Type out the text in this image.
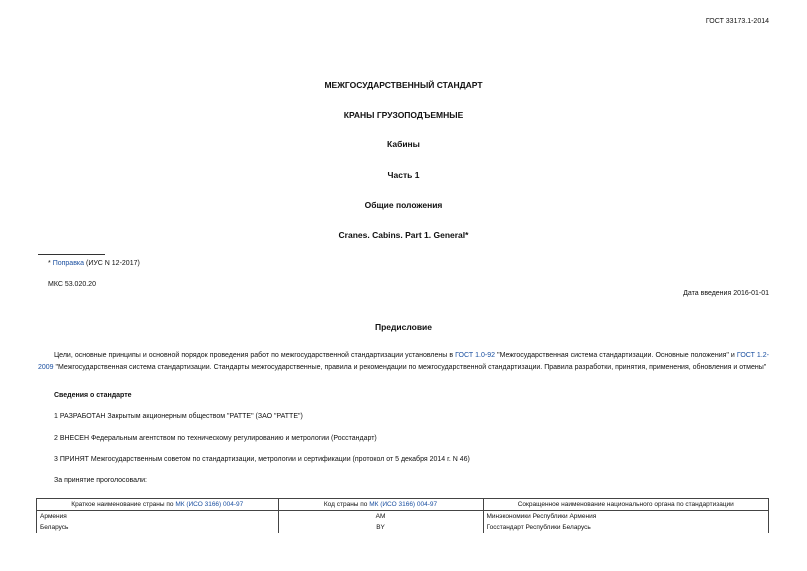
ГОСТ 33173.1-2014
МЕЖГОСУДАРСТВЕННЫЙ СТАНДАРТ
КРАНЫ ГРУЗОПОДЪЕМНЫЕ
Кабины
Часть 1
Общие положения
Cranes. Cabins. Part 1. General*
* Поправка (ИУС N 12-2017)
МКС 53.020.20
Дата введения 2016-01-01
Предисловие
Цели, основные принципы и основной порядок проведения работ по межгосударственной стандартизации установлены в ГОСТ 1.0-92 "Межгосударственная система стандартизации. Основные положения" и ГОСТ 1.2-2009 "Межгосударственная система стандартизации. Стандарты межгосударственные, правила и рекомендации по межгосударственной стандартизации. Правила разработки, принятия, применения, обновления и отмены"
Сведения о стандарте
1 РАЗРАБОТАН Закрытым акционерным обществом "РАТТЕ" (ЗАО "РАТТЕ")
2 ВНЕСЕН Федеральным агентством по техническому регулированию и метрологии (Росстандарт)
3 ПРИНЯТ Межгосударственным советом по стандартизации, метрологии и сертификации (протокол от 5 декабря 2014 г. N 46)
За принятие проголосовали:
Краткое наименование страны по МК (ИСО 3166) 004-97	Код страны по МК (ИСО 3166) 004-97	Сокращенное наименование национального органа по стандартизации
Армения	AM	Минэкономики Республики Армения
Беларусь	BY	Госстандарт Республики Беларусь
